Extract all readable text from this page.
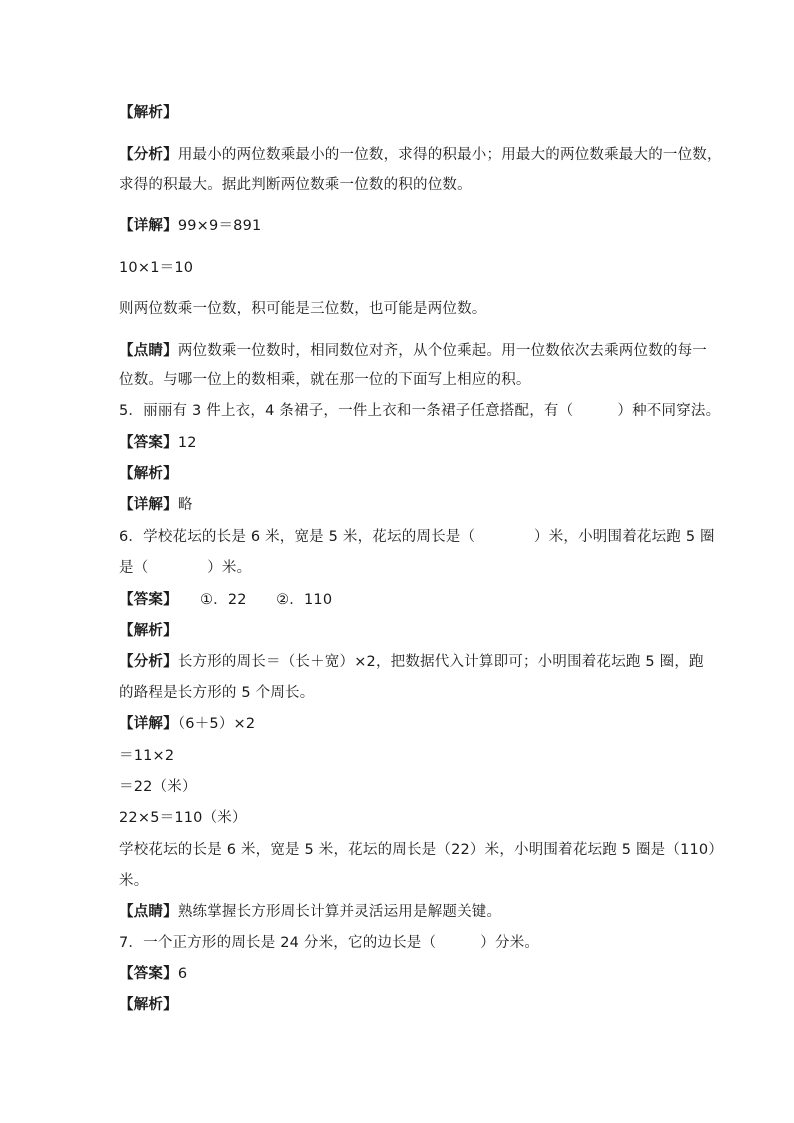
【解析】
【分析】用最小的两位数乘最小的一位数，求得的积最小；用最大的两位数乘最大的一位数，
求得的积最大。据此判断两位数乘一位数的积的位数。
【详解】99×9＝891
10×1＝10
则两位数乘一位数，积可能是三位数，也可能是两位数。
【点睛】两位数乘一位数时，相同数位对齐，从个位乘起。用一位数依次去乘两位数的每一
位数。与哪一位上的数相乘，就在那一位的下面写上相应的积。
5．丽丽有 3 件上衣，4 条裙子，一件上衣和一条裙子任意搭配，有（　　　）种不同穿法。
【答案】12
【解析】
【详解】略
6．学校花坛的长是 6 米，宽是 5 米，花坛的周长是（　　　　）米，小明围着花坛跑 5 圈
是（　　　　）米。
【答案】　　①．22　　②．110
【解析】
【分析】长方形的周长＝（长＋宽）×2，把数据代入计算即可；小明围着花坛跑 5 圈，跑
的路程是长方形的 5 个周长。
【详解】（6＋5）×2
＝11×2
＝22（米）
22×5＝110（米）
学校花坛的长是 6 米，宽是 5 米，花坛的周长是（22）米，小明围着花坛跑 5 圈是（110）
米。
【点睛】熟练掌握长方形周长计算并灵活运用是解题关键。
7．一个正方形的周长是 24 分米，它的边长是（　　　）分米。
【答案】6
【解析】
